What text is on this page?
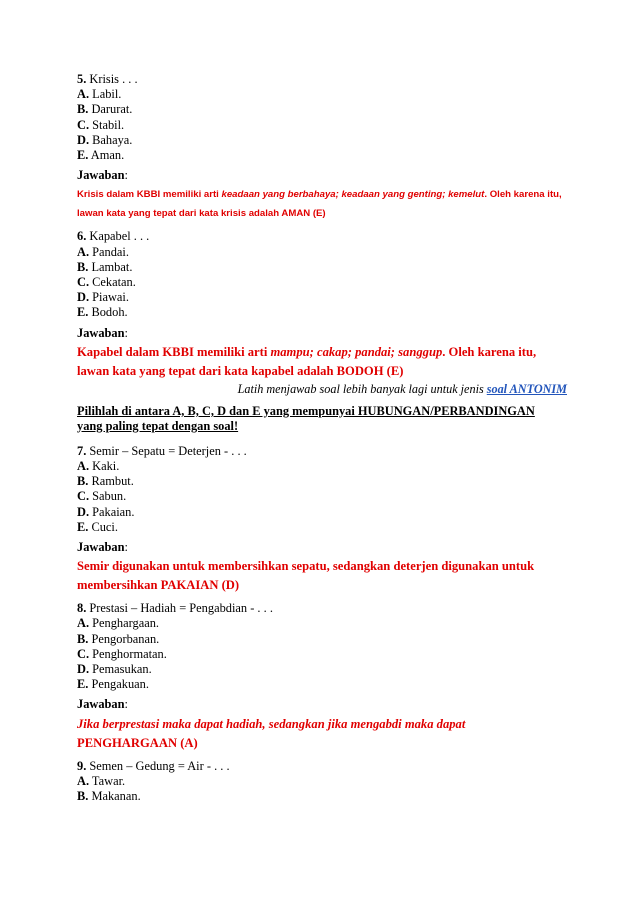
5. Krisis . . .
A. Labil.
B. Darurat.
C. Stabil.
D. Bahaya.
E. Aman.
Jawaban:
Krisis dalam KBBI memiliki arti keadaan yang berbahaya; keadaan yang genting; kemelut. Oleh karena itu, lawan kata yang tepat dari kata krisis adalah AMAN (E)
6. Kapabel . . .
A. Pandai.
B. Lambat.
C. Cekatan.
D. Piawai.
E. Bodoh.
Jawaban:
Kapabel dalam KBBI memiliki arti mampu; cakap; pandai; sanggup. Oleh karena itu,
lawan kata yang tepat dari kata kapabel adalah BODOH (E)
Latih menjawab soal lebih banyak lagi untuk jenis soal ANTONIM
Pilihlah di antara A, B, C, D dan E yang mempunyai HUBUNGAN/PERBANDINGAN
yang paling tepat dengan soal!
7. Semir – Sepatu = Deterjen - . . .
A. Kaki.
B. Rambut.
C. Sabun.
D. Pakaian.
E. Cuci.
Jawaban:
Semir digunakan untuk membersihkan sepatu, sedangkan deterjen digunakan untuk
membersihkan PAKAIAN (D)
8. Prestasi – Hadiah = Pengabdian - . . .
A. Penghargaan.
B. Pengorbanan.
C. Penghormatan.
D. Pemasukan.
E. Pengakuan.
Jawaban:
Jika berprestasi maka dapat hadiah, sedangkan jika mengabdi maka dapat
PENGHARGAAN (A)
9. Semen – Gedung = Air - . . .
A. Tawar.
B. Makanan.
